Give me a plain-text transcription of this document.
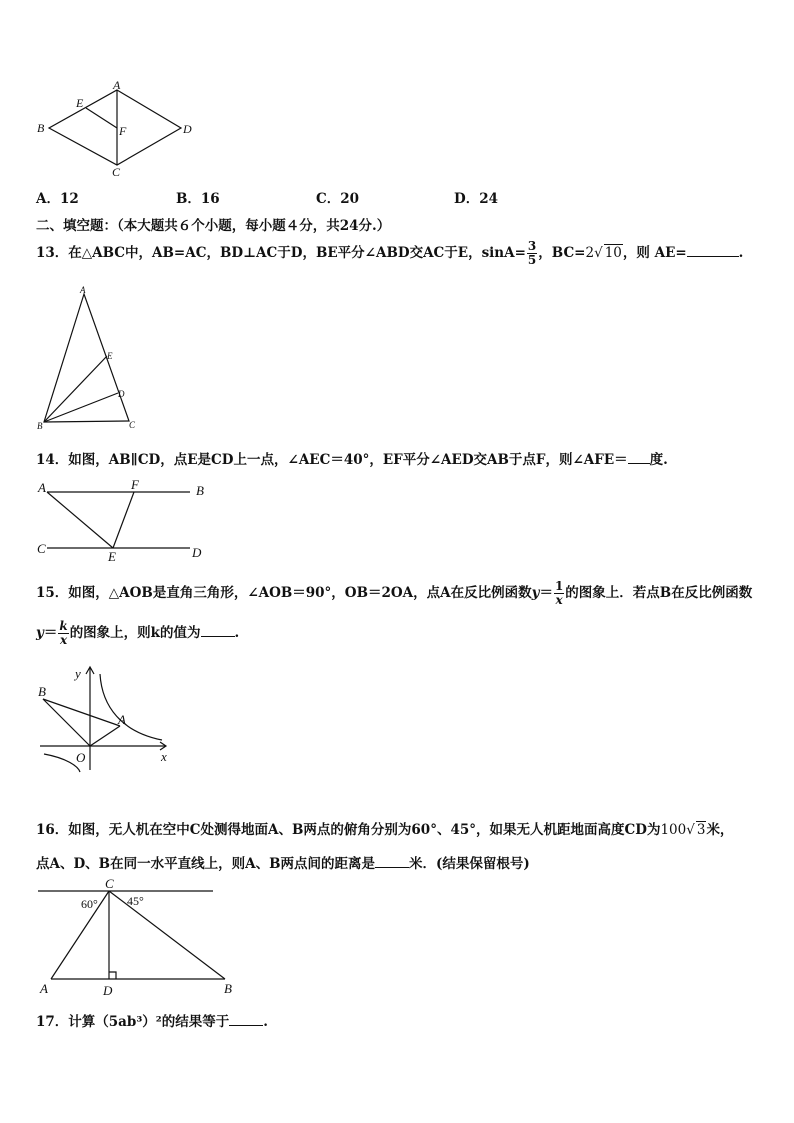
A
B
C
D
E
F
A．12	B．16	C．20	D．24
二、填空题：（本大题共６个小题，每小题４分，共24分.）
13．在△ABC中，AB=AC，BD⊥AC于D，BE平分∠ABD交AC于E，$\sin A= \frac{3}{5}$ ，BC=2√ 10，则 AE=	.
A
B	C
D
E
14．如图，AB∥CD，点E是CD上一点，∠AEC＝40°，EF平分∠AED交AB于点F，则∠AFE＝ 度.
A	B
C	D
E
F
15．如图，△AOB是直角三角形，∠AOB＝90°，OB＝2OA，点A在反比例函数$y= \frac{1}{x}$ 的图象上．若点B在反比例函数
$y= \frac{k}{x}$ 的图象上，则k的值为	.
y
x
O
A
B
16．如图，无人机在空中C处测得地面A、B两点的俯角分别为60°、45°，如果无人机距地面高度CD为100√ 3米，
点A、D、B在同一水平直线上，则A、B两点间的距离是	米．(结果保留根号)
C
A	D	B
60° 45°
17．计算（5ab³）²的结果等于	.
